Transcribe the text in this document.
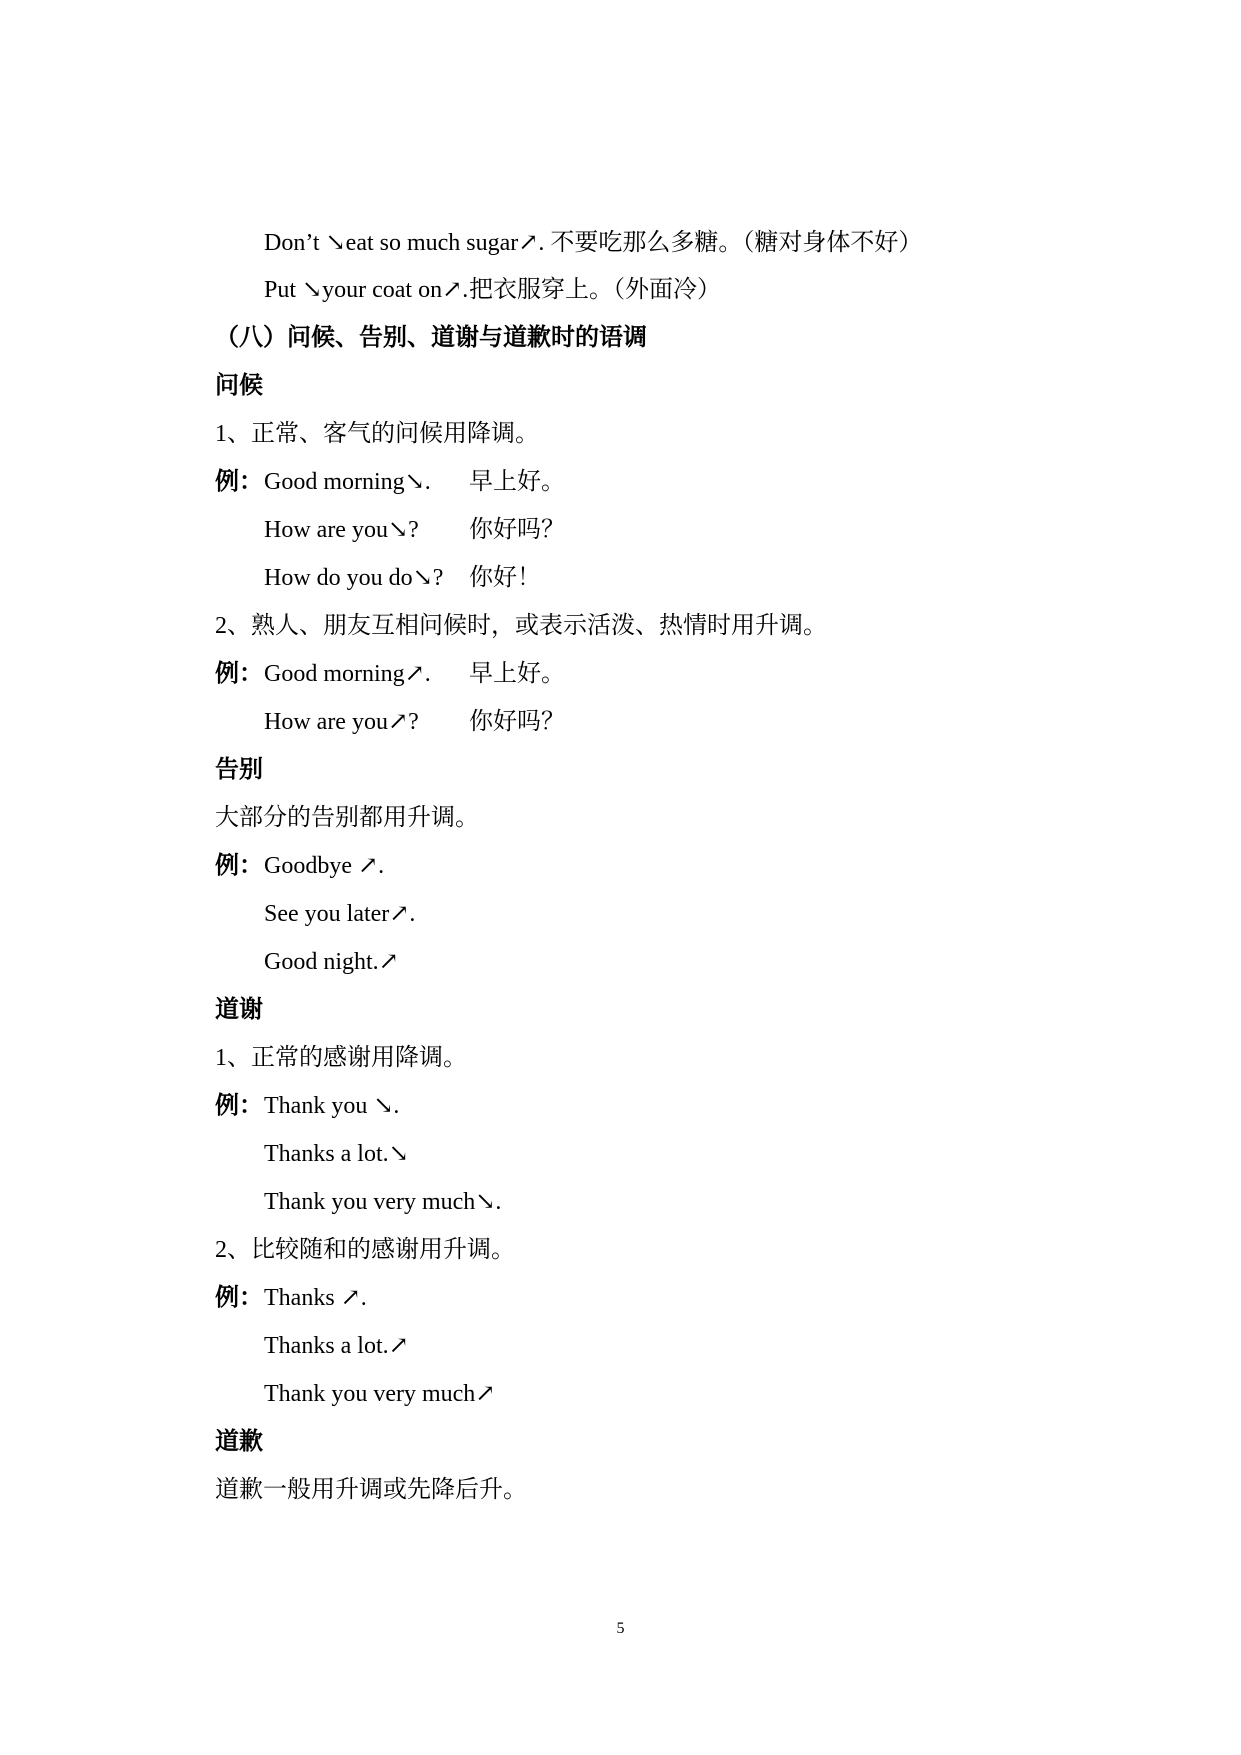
Don’t ↘eat so much sugar↗. 不要吃那么多糖。（糖对身体不好）
Put ↘your coat on↗.把衣服穿上。（外面冷）
（八）问候、告别、道谢与道歉时的语调
问候
1、正常、客气的问候用降调。
例：Good morning↘. 早上好。
How are you↘? 你好吗？
How do you do↘? 你好！
2、熟人、朋友互相问候时，或表示活泼、热情时用升调。
例：Good morning↗. 早上好。
How are you↗? 你好吗？
告别
大部分的告别都用升调。
例：Goodbye ↗.
See you later↗.
Good night.↗
道谢
1、正常的感谢用降调。
例：Thank you ↘.
Thanks a lot.↘
Thank you very much↘.
2、比较随和的感谢用升调。
例：Thanks ↗.
Thanks a lot.↗
Thank you very much↗
道歉
道歉一般用升调或先降后升。
5
